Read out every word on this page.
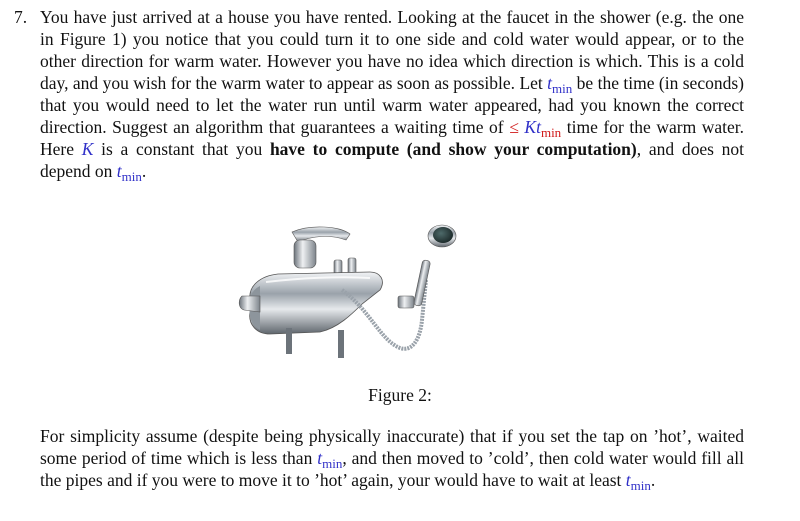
7. You have just arrived at a house you have rented. Looking at the faucet in the shower (e.g. the one in Figure 1) you notice that you could turn it to one side and cold water would appear, or to the other direction for warm water. However you have no idea which direction is which. This is a cold day, and you wish for the warm water to appear as soon as possible. Let $t_{min}$ be the time (in seconds) that you would need to let the water run until warm water appeared, had you known the correct direction. Suggest an algorithm that guarantees a waiting time of ≤ $Kt_{min}$ time for the warm water. Here K is a constant that you have to compute (and show your computation), and does not depend on $t_{min}$.

Figure 2:

For simplicity assume (despite being physically inaccurate) that if you set the tap on ’hot’, waited some period of time which is less than $t_{min}$, and then moved to ’cold’, then cold water would fill all the pipes and if you were to move it to ’hot’ again, your would have to wait at least $t_{min}$.
